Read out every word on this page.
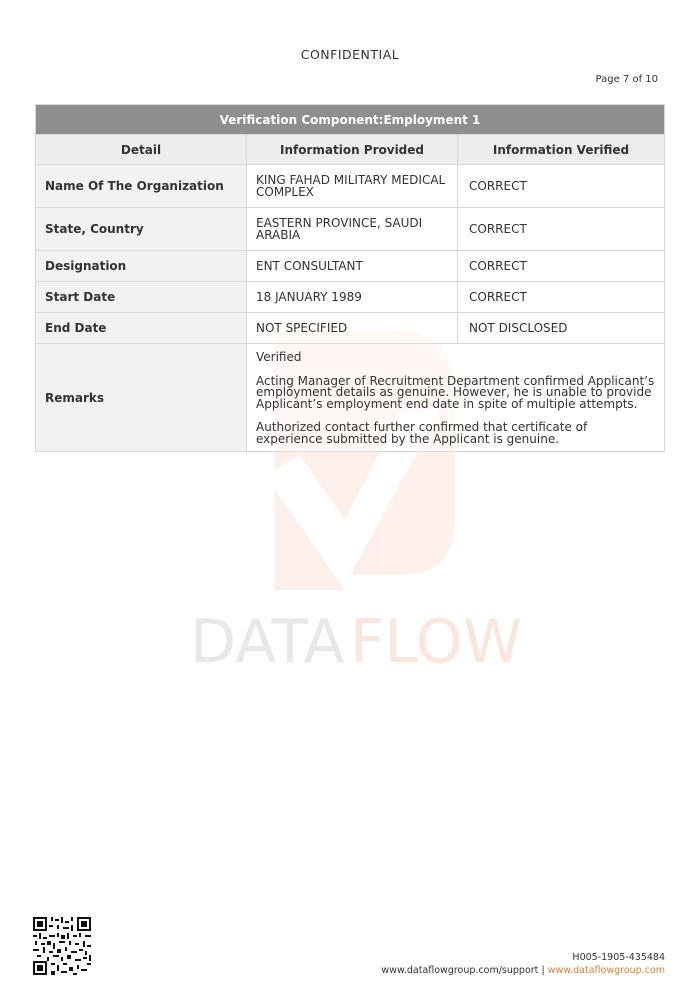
DATA FLOW
CONFIDENTIAL
Page 7 of 10
Verification Component:Employment 1		
Detail	Information Provided	Information Verified
Name Of The Organization	KING FAHAD MILITARY MEDICAL COMPLEX	CORRECT
State, Country	EASTERN PROVINCE, SAUDI ARABIA	CORRECT
Designation	ENT CONSULTANT	CORRECT
Start Date	18 JANUARY 1989	CORRECT
End Date	NOT SPECIFIED	NOT DISCLOSED
Remarks	Verified

Acting Manager of Recruitment Department confirmed Applicant’s employment details as genuine. However, he is unable to provide Applicant’s employment end date in spite of multiple attempts.

Authorized contact further confirmed that certificate of experience submitted by the Applicant is genuine.	

H005-1905-435484
www.dataflowgroup.com/support | www.dataflowgroup.com
